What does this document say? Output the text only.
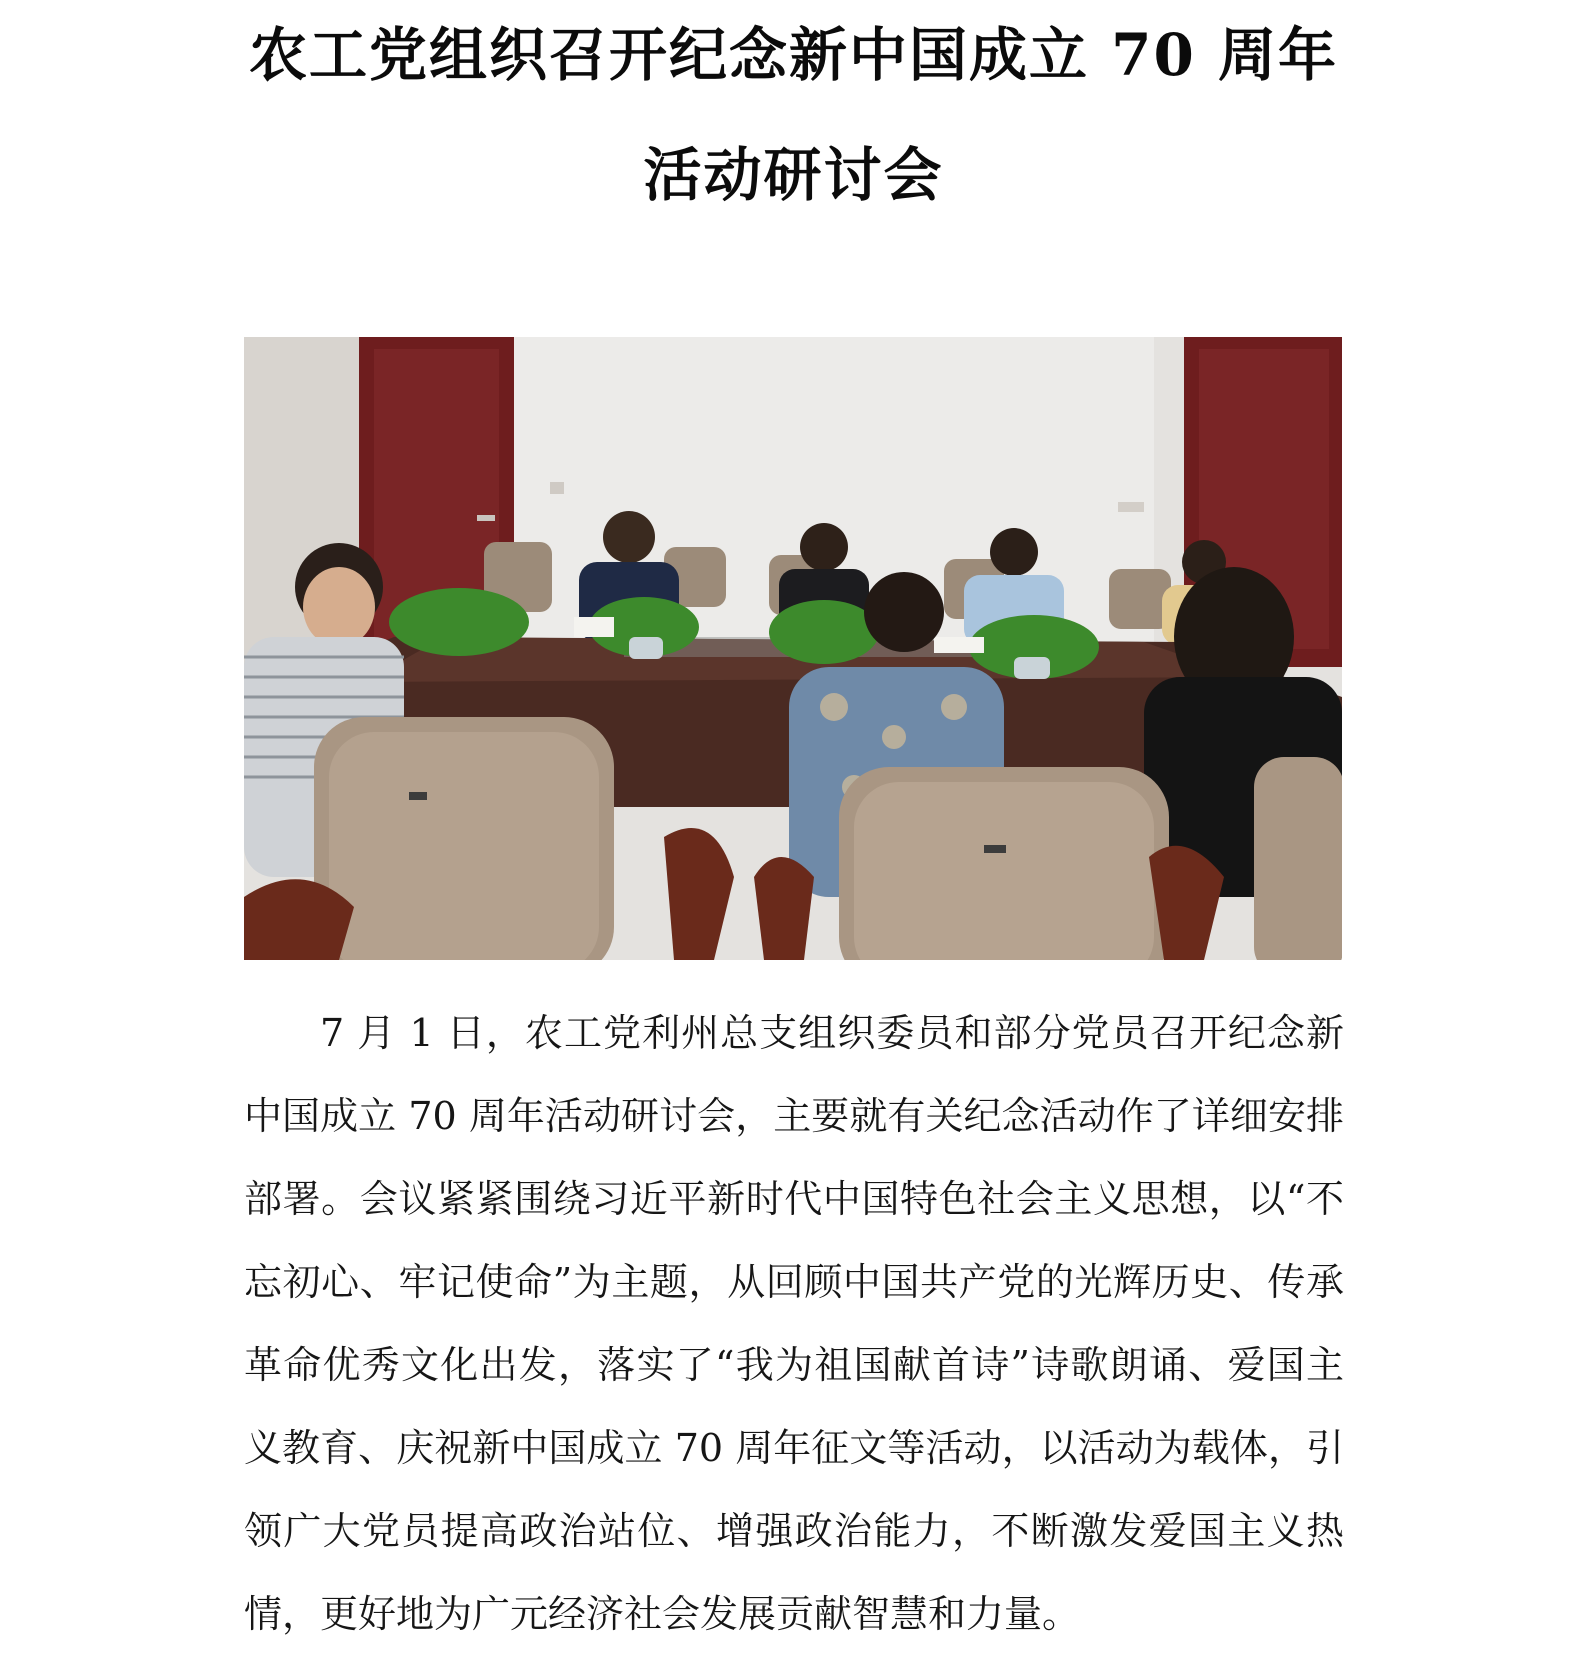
农工党组织召开纪念新中国成立 70 周年
活动研讨会

7 月 1 日，农工党利州总支组织委员和部分党员召开纪念新中国成立 70 周年活动研讨会，主要就有关纪念活动作了详细安排部署。会议紧紧围绕习近平新时代中国特色社会主义思想，以“不忘初心、牢记使命”为主题，从回顾中国共产党的光辉历史、传承革命优秀文化出发，落实了“我为祖国献首诗”诗歌朗诵、爱国主义教育、庆祝新中国成立 70 周年征文等活动，以活动为载体，引领广大党员提高政治站位、增强政治能力，不断激发爱国主义热情，更好地为广元经济社会发展贡献智慧和力量。
